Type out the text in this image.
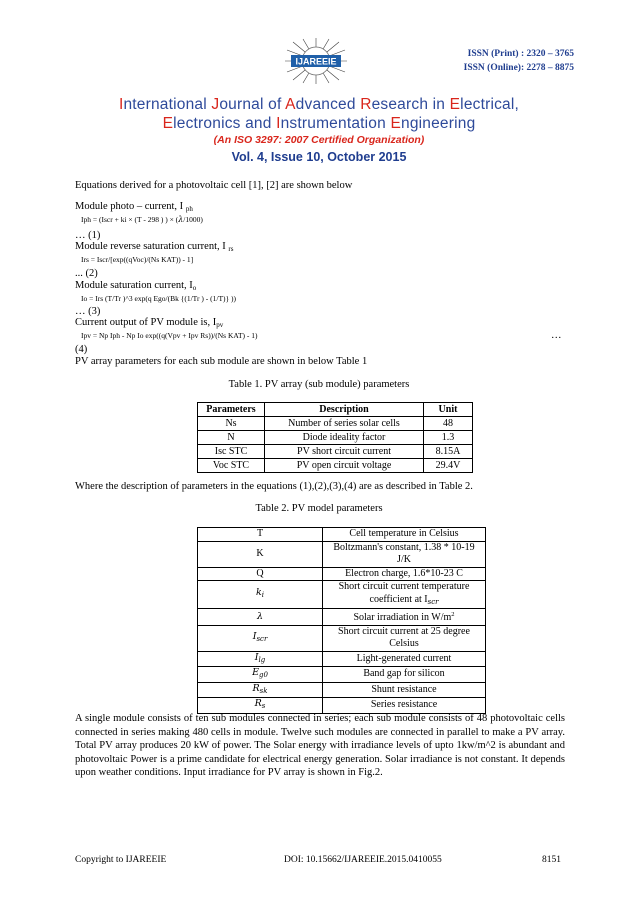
IJAREEIE
ISSN (Print) : 2320 – 3765
ISSN (Online): 2278 – 8875
International Journal of Advanced Research in Electrical,
Electronics and Instrumentation Engineering
(An ISO 3297: 2007 Certified Organization)
Vol. 4, Issue 10, October 2015
Equations derived for a photovoltaic cell [1], [2] are shown below
Module photo – current, I $_{ph}$
Iph = (Iscr + ki × (T - 298 ) ) × (λ/1000)
… (1)
Module reverse saturation current, I $_{rs}$
Irs = Iscr/[exp((qVoc)/(Ns KAT)) - 1]
... (2)
Module saturation current, $I_o$
Io = Irs (T/Tr )^3 exp(q Ego/(Bk {(1/Tr ) - (1/T)} ))
… (3)
Current output of PV module is, $I_{pv}$
Ipv = Np Iph - Np Io exp((q(Vpv + Ipv Rs))/(Ns KAT) - 1)	…
(4)
PV array parameters for each sub module are shown in below Table 1
Table 1. PV array (sub module) parameters
Parameters	Description	Unit
Ns	Number of series solar cells	48
N	Diode ideality factor	1.3
Isc STC	PV short circuit current	8.15A
Voc STC	PV open circuit voltage	29.4V
Where the description of parameters in the equations (1),(2),(3),(4) are as described in Table 2.
Table 2. PV model parameters
T	Cell temperature in Celsius
K	Boltzmann's constant, 1.38 * 10-19
J/K
Q	Electron charge, 1.6*10-23 C
$k_i$	Short circuit current temperature
coefficient at $I_{scr}$
λ	Solar irradiation in $W/m^2$
$I_{scr}$	Short circuit current at 25 degree
Celsius
$I_{lg}$	Light-generated current
$E_{g0}$	Band gap for silicon
$R_{sk}$	Shunt resistance
$R_s$	Series resistance
A single module consists of ten sub modules connected in series; each sub module consists of 48 photovoltaic cells connected in series making 480 cells in module. Twelve such modules are connected in parallel to make a PV array. Total PV array produces 20 kW of power. The Solar energy with irradiance levels of upto 1kw/m^2 is abundant and photovoltaic Power is a prime candidate for electrical energy generation. Solar irradiance is not constant. It depends upon weather conditions. Input irradiance for PV array is shown in Fig.2.
Copyright to IJAREEIE	DOI: 10.15662/IJAREEIE.2015.0410055	8151
